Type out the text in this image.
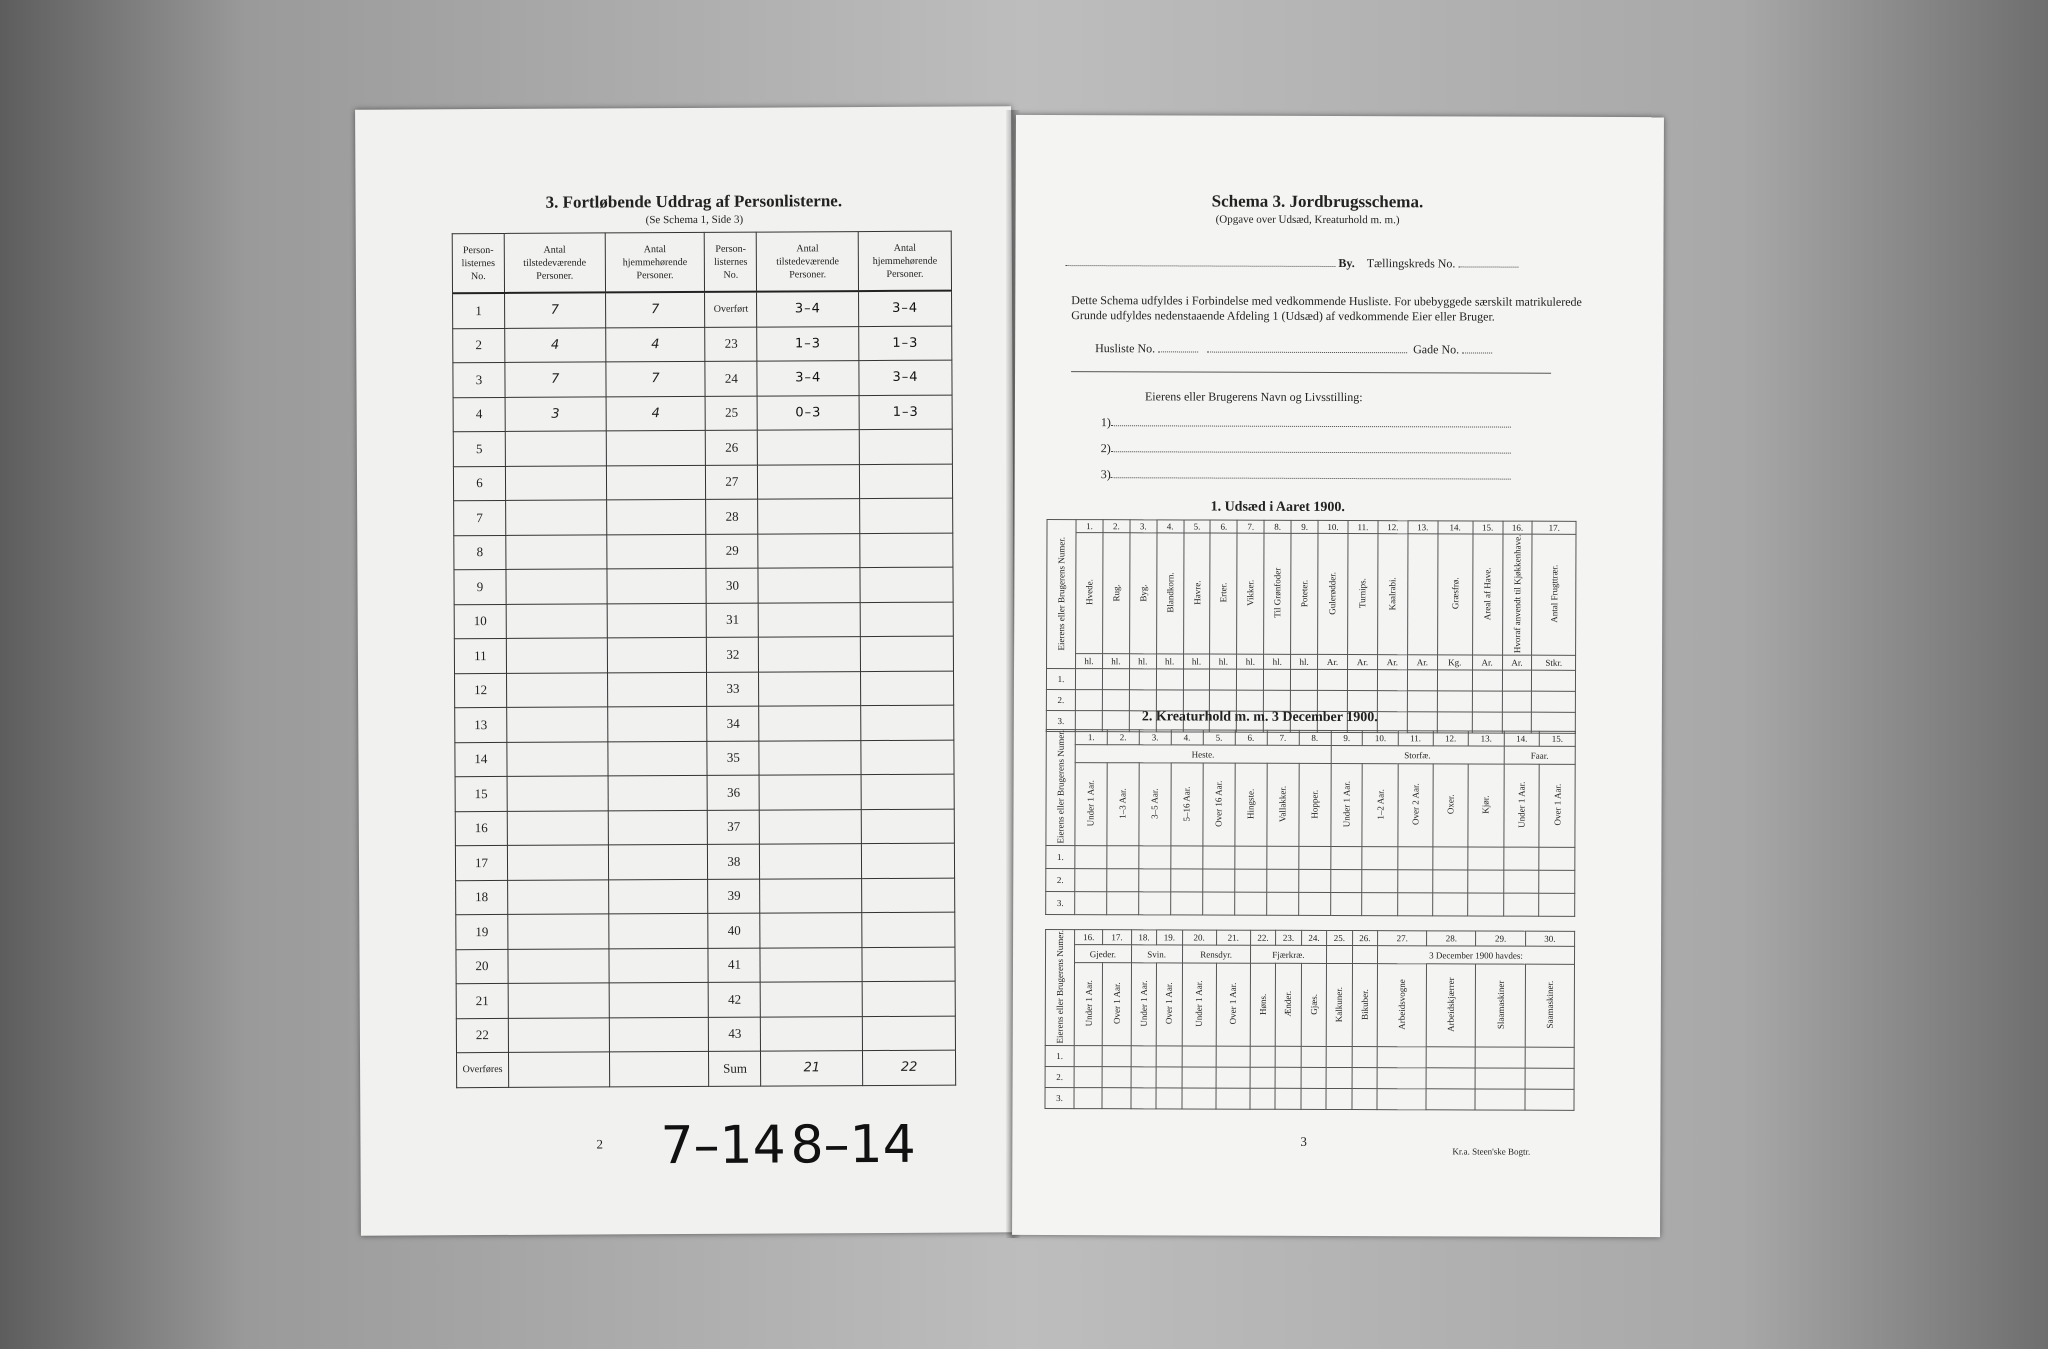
3. Fortløbende Uddrag af Personlisterne.
(Se Schema 1, Side 3)
Person-
listernes
No.	Antal
tilstedeværende
Personer.	Antal
hjemmehørende
Personer.	Person-
listernes
No.	Antal
tilstedeværende
Personer.	Antal
hjemmehørende
Personer.
1	7	7	Overført	3–4	3–4
2	4	4	23	1–3	1–3
3	7	7	24	3–4	3–4
4	3	4	25	0–3	1–3
5			26		
6			27		
7			28		
8			29		
9			30		
10			31		
11			32		
12			33		
13			34		
14			35		
15			36		
16			37		
17			38		
18			39		
19			40		
20			41		
21			42		
22			43		
Overføres			Sum	21	22
7–14 8–14
2
Schema 3. Jordbrugsschema.
(Opgave over Udsæd, Kreaturhold m. m.)
By. Tællingskreds No.
Dette Schema udfyldes i Forbindelse med vedkommende Husliste. For ubebyggede særskilt matrikulerede Grunde udfyldes nedenstaaende Afdeling 1 (Udsæd) af vedkommende Eier eller Bruger.
Husliste No.	Gade No.
Eierens eller Brugerens Navn og Livsstilling:
1)
2)
3)
1. Udsæd i Aaret 1900.
Eierens eller Brugerens Numer.	1.	2.	3.	4.	5.	6.	7.	8.	9.	10.	11.	12.	13.	14.	15.	16.	17.
	Hvede.	Rug.	Byg.	Blandkorn.	Havre.	Erter.	Vikker.	Til Grønfoder	Poteter.	Gulerødder.	Turnips.	Kaalrabi.		Græsfrø.	Areal af Have.	Hvoraf anvendt til Kjøkkenhave.	Antal Frugttrær.
	hl.	hl.	hl.	hl.	hl.	hl.	hl.	hl.	hl.	Ar.	Ar.	Ar.	Ar.	Kg.	Ar.	Ar.	Stkr.
1.																	
2.																	
3.																		2. Kreaturhold m. m. 3 December 1900.
Eierens eller Brugerens Numer.	1.	2.	3.	4.	5.	6.	7.	8.	9.	10.	11.	12.	13.	14.	15.
	Heste.								Storfæ.					Faar.	
	Under 1 Aar.	1–3 Aar.	3–5 Aar.	5–16 Aar.	Over 16 Aar.	Hingste.	Vallakker.	Hopper.	Under 1 Aar.	1–2 Aar.	Over 2 Aar.	Oxer.	Kjør.	Under 1 Aar.	Over 1 Aar.
1.															
2.															
3.															
Eierens eller Brugerens Numer.	16.	17.	18.	19.	20.	21.	22.	23.	24.	25.	26.	27.	28.	29.	30.
	Gjeder.		Svin.		Rensdyr.		Fjærkræ.					3 December 1900 havdes:			
	Under 1 Aar.	Over 1 Aar.	Under 1 Aar.	Over 1 Aar.	Under 1 Aar.	Over 1 Aar.	Høns.	Ænder.	Gjæs.	Kalkuner.	Bikuber.	Arbeidsvogne	Arbeidskjærrer	Slaamaskiner	Saamaskiner.
1.															
2.															
3.															
3
Kr.a. Steen'ske Bogtr.
